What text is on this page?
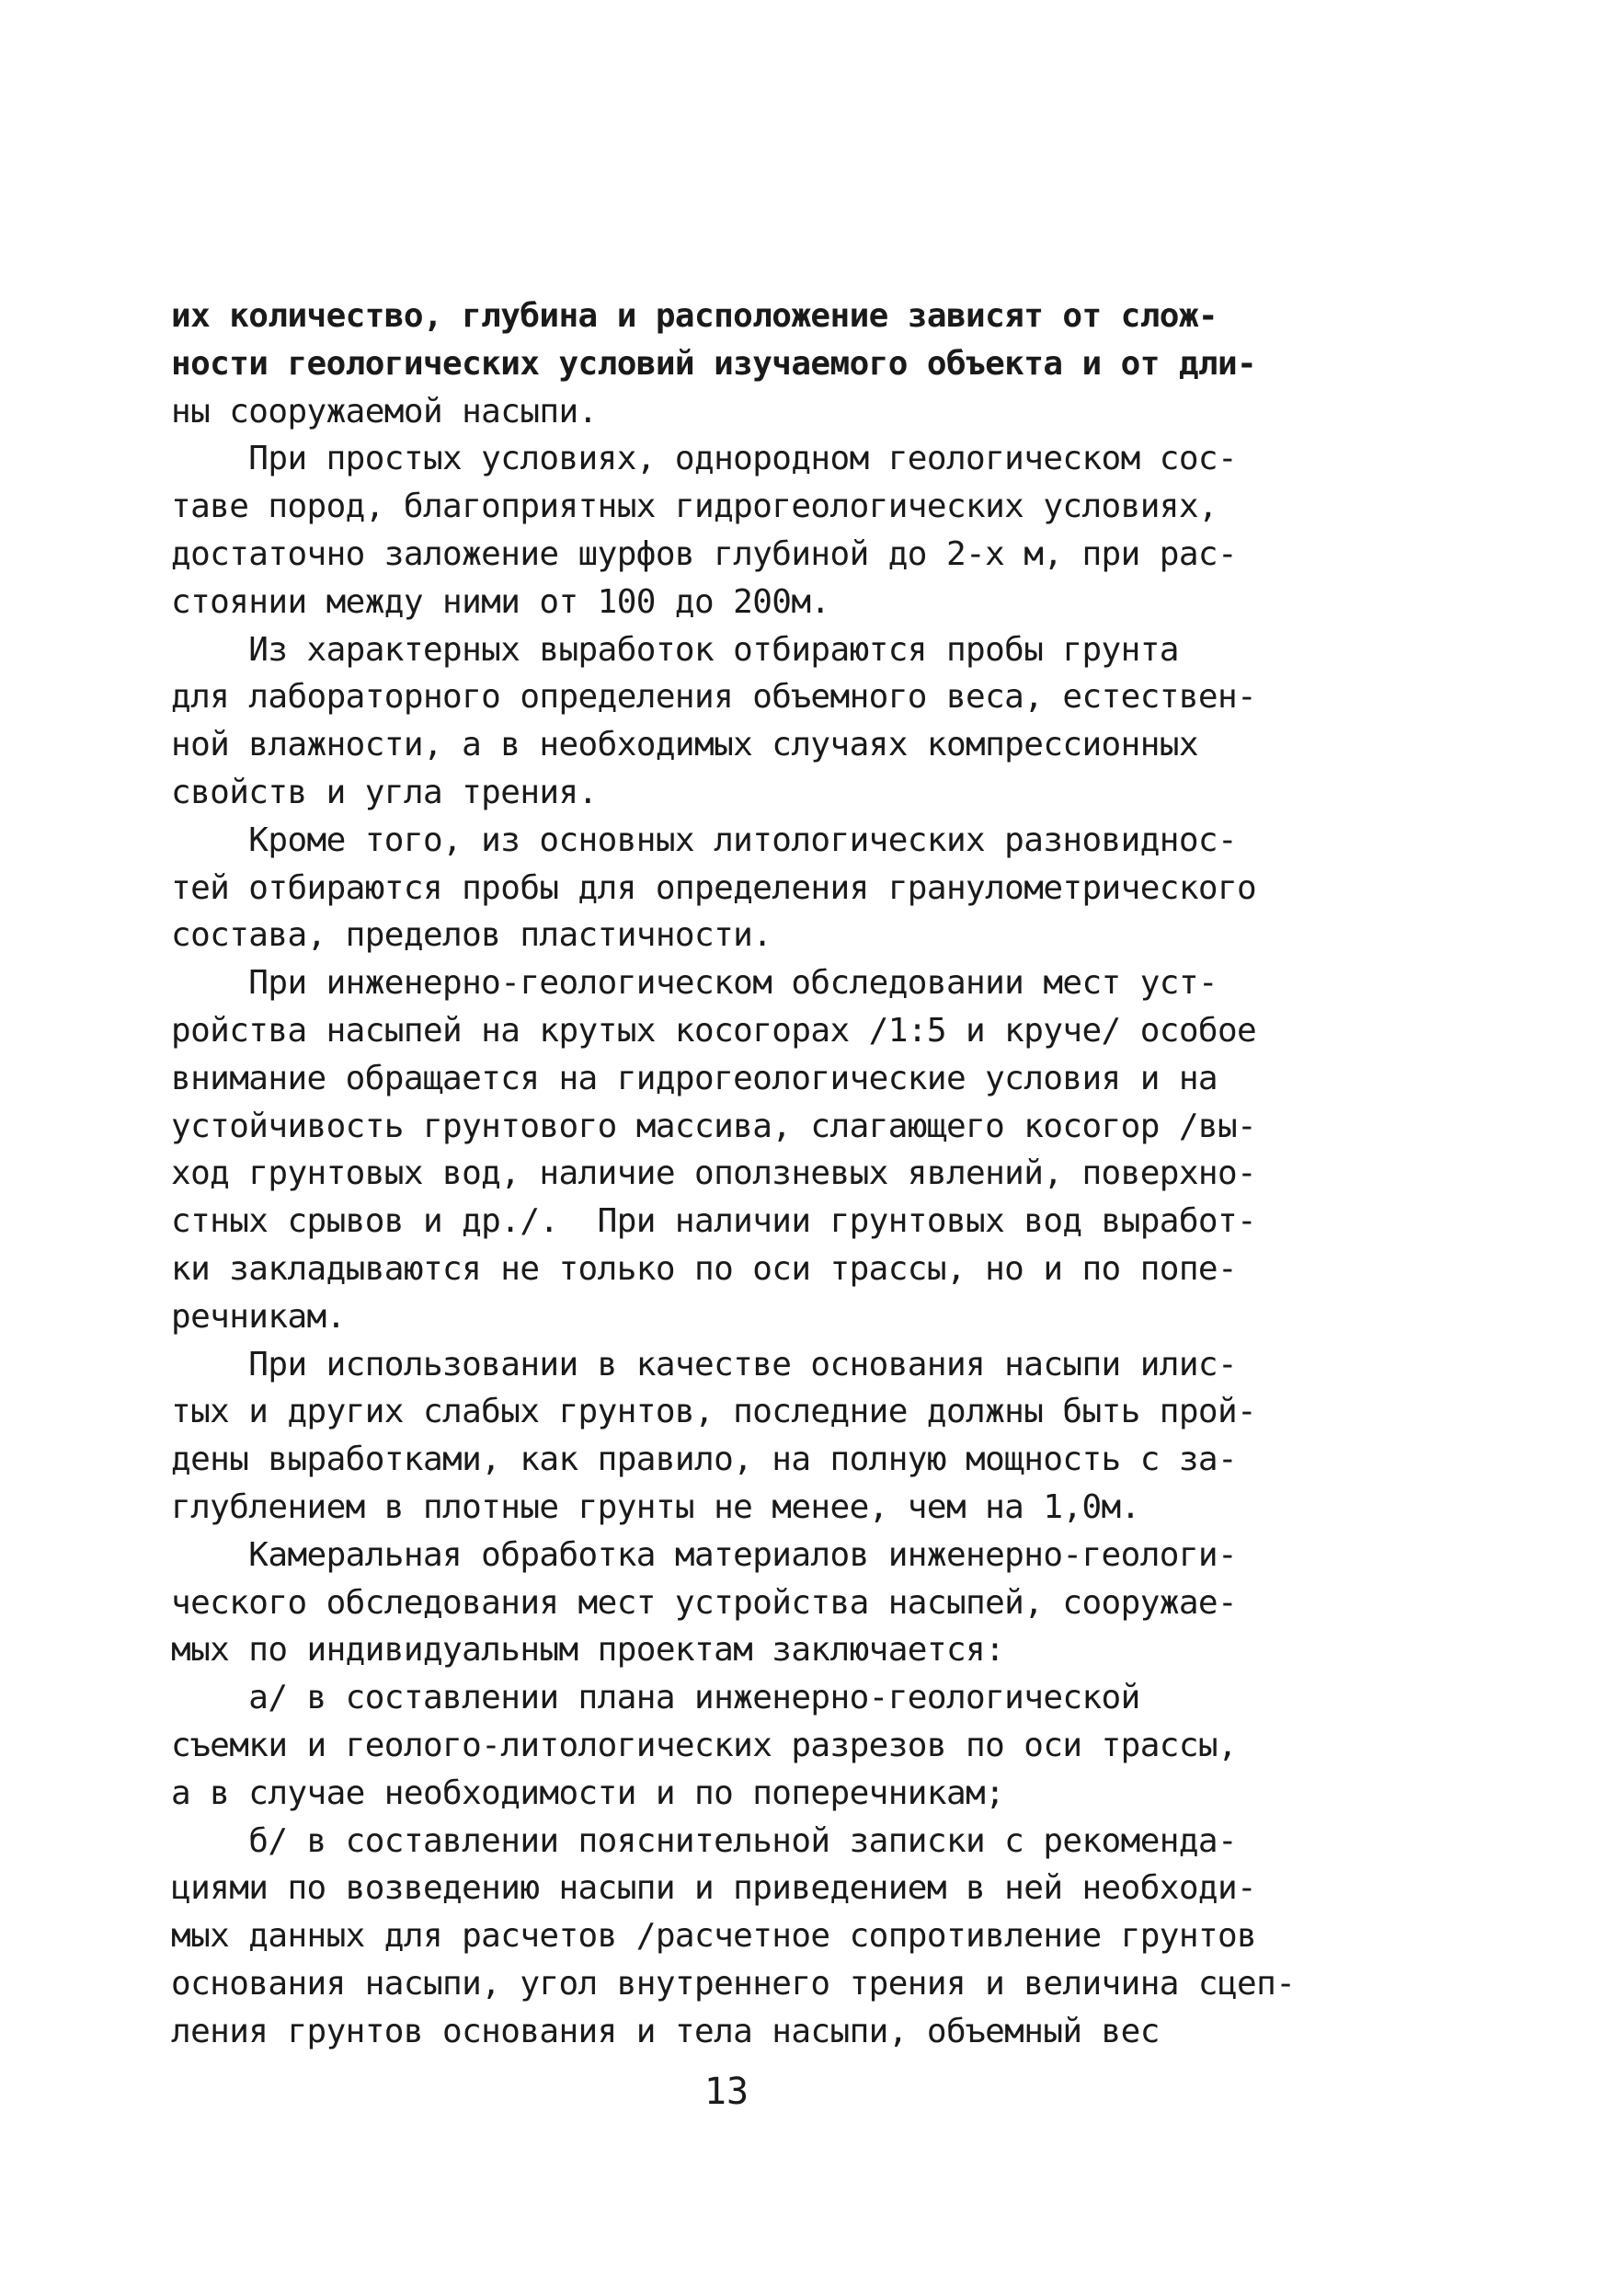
их количество, глубина и расположение зависят от слож-
ности геологических условий изучаемого объекта и от дли-
ны сооружаемой насыпи.
При простых условиях, однородном геологическом сос-
таве пород, благоприятных гидрогеологических условиях,
достаточно заложение шурфов глубиной до 2-х м, при рас-
стоянии между ними от 100 до 200м.
Из характерных выработок отбираются пробы грунта
для лабораторного определения объемного веса, естествен-
ной влажности, а в необходимых случаях компрессионных
свойств и угла трения.
Кроме того, из основных литологических разновиднос-
тей отбираются пробы для определения гранулометрического
состава, пределов пластичности.
При инженерно-геологическом обследовании мест уст-
ройства насыпей на крутых косогорах /1:5 и круче/ особое
внимание обращается на гидрогеологические условия и на
устойчивость грунтового массива, слагающего косогор /вы-
ход грунтовых вод, наличие оползневых явлений, поверхно-
стных срывов и др./.  При наличии грунтовых вод выработ-
ки закладываются не только по оси трассы, но и по попе-
речникам.
При использовании в качестве основания насыпи илис-
тых и других слабых грунтов, последние должны быть прой-
дены выработками, как правило, на полную мощность с за-
глублением в плотные грунты не менее, чем на 1,0м.
Камеральная обработка материалов инженерно-геологи-
ческого обследования мест устройства насыпей, сооружае-
мых по индивидуальным проектам заключается:
а/ в составлении плана инженерно-геологической
съемки и геолого-литологических разрезов по оси трассы,
а в случае необходимости и по поперечникам;
б/ в составлении пояснительной записки с рекоменда-
циями по возведению насыпи и приведением в ней необходи-
мых данных для расчетов /расчетное сопротивление грунтов
основания насыпи, угол внутреннего трения и величина сцеп-
ления грунтов основания и тела насыпи, объемный вес
13
